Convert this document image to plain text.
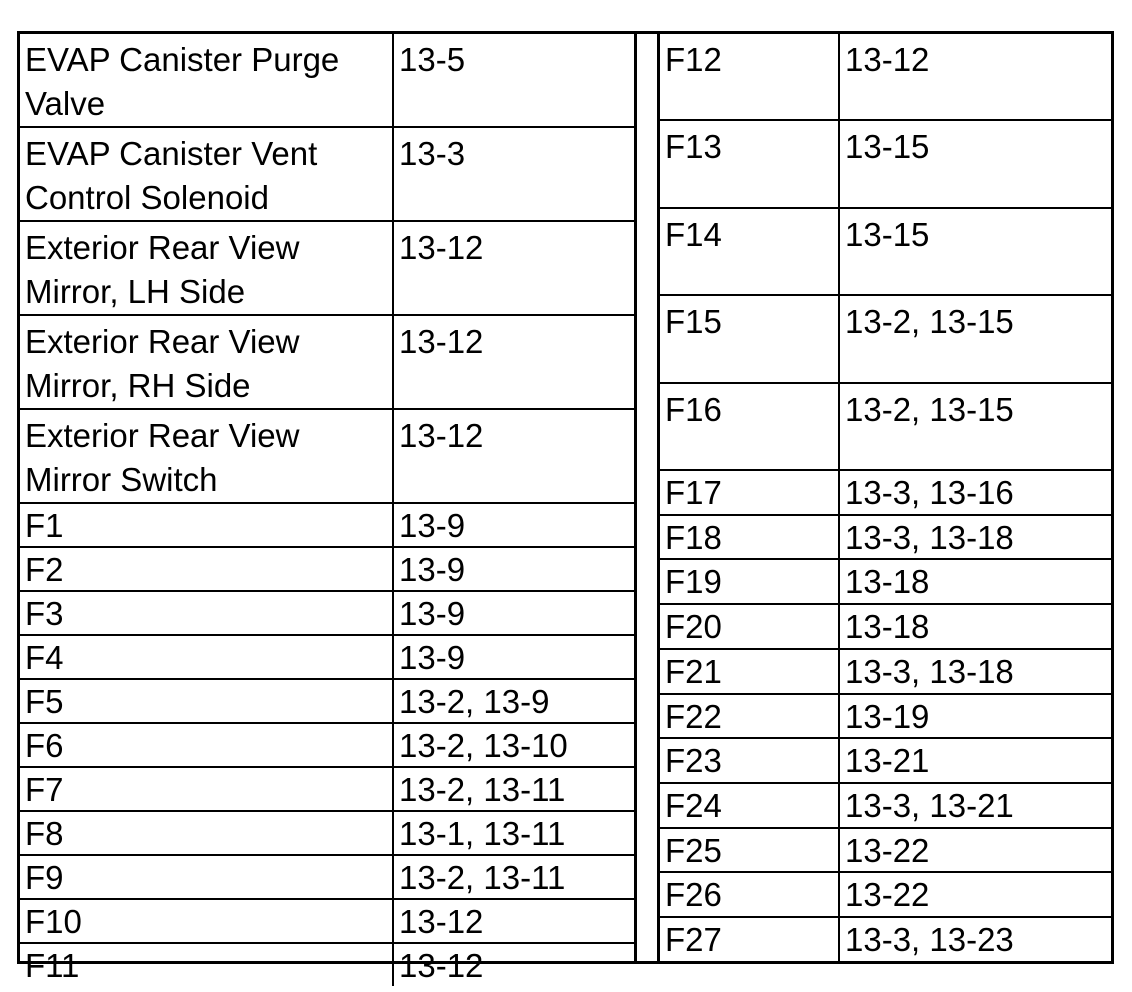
EVAP Canister Purge
Valve	13-5
EVAP Canister Vent
Control Solenoid	13-3
Exterior Rear View
Mirror, LH Side	13-12
Exterior Rear View
Mirror, RH Side	13-12
Exterior Rear View
Mirror Switch	13-12
F1	13-9
F2	13-9
F3	13-9
F4	13-9
F5	13-2, 13-9
F6	13-2, 13-10
F7	13-2, 13-11
F8	13-1, 13-11
F9	13-2, 13-11
F10	13-12
F11	13-12
F12	13-12
F13	13-15
F14	13-15
F15	13-2, 13-15
F16	13-2, 13-15
F17	13-3, 13-16
F18	13-3, 13-18
F19	13-18
F20	13-18
F21	13-3, 13-18
F22	13-19
F23	13-21
F24	13-3, 13-21
F25	13-22
F26	13-22
F27	13-3, 13-23
